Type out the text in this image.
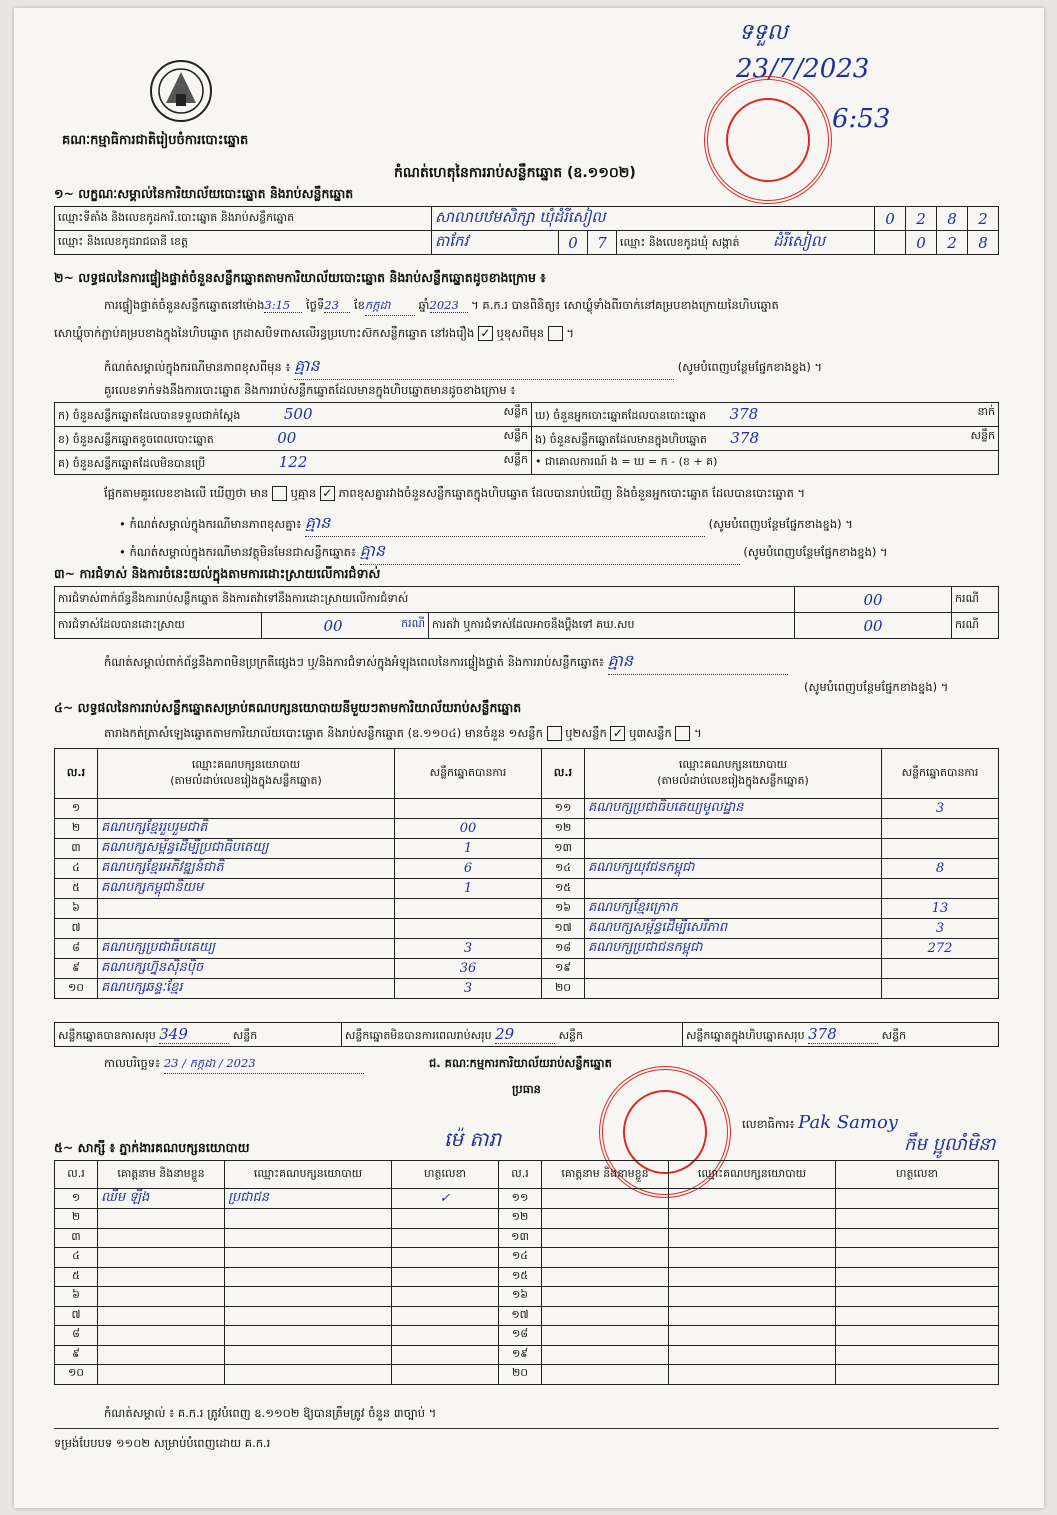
គណៈកម្មាធិការជាតិរៀបចំការបោះឆ្នោត
កំណត់ហេតុនៃការរាប់សន្លឹកឆ្នោត (ឧ.១១០២)
ទទួល
23/7/2023
6:53
១~ លក្ខណៈសម្គាល់នៃការិយាល័យបោះឆ្នោត និងរាប់សន្លឹកឆ្នោត
ឈ្មោះទីតាំង និងលេខកូដការិ.បោះឆ្នោត និងរាប់សន្លឹកឆ្នោត	សាលាបឋមសិក្សា ឃុំដំរីសៀល				0	2	8	2
ឈ្មោះ និងលេខកូដរាជធានី ខេត្ត	តាកែវ	0	7	ឈ្មោះ និងលេខកូដឃុំ សង្កាត់ ដំរីសៀល		0	2	8
២~ លទ្ធផលនៃការផ្ទៀងផ្ទាត់ចំនួនសន្លឹកឆ្នោតតាមការិយាល័យបោះឆ្នោត និងរាប់សន្លឹកឆ្នោតដូចខាងក្រោម ៖
ការផ្ទៀងផ្ទាត់ចំនួនសន្លឹកឆ្នោតនៅម៉ោង3:15 ថ្ងៃទី23 ខែកក្កដា ឆ្នាំ2023 ។ គ.ក.រ បានពិនិត្យ៖ សោឃ្លុំទាំងពីរចាក់នៅគម្របខាងក្រោយនៃហិបឆ្នោត
សោឃ្លុំចាក់ភ្ជាប់គម្របខាងក្នុងនៃហិបឆ្នោត ក្រដាសបិទពាសលើរន្ធប្រហោះស៊កសន្លឹកឆ្នោត នៅរងរឿង ✓ ឬខុសពីមុន  ។
កំណត់សម្គាល់ក្នុងករណីមានភាពខុសពីមុន ៖ គ្មាន	(សូមបំពេញបន្ថែមផ្នែកខាងខ្នង) ។
គួរលេខទាក់ទងនឹងការបោះឆ្នោត និងការរាប់សន្លឹកឆ្នោតដែលមានក្នុងហិបឆ្នោតមានដូចខាងក្រោម ៖
ក) ចំនួនសន្លឹកឆ្នោតដែលបានទទួលជាក់ស្តែង 500 សន្លឹក	ឃ) ចំនួនអ្នកបោះឆ្នោតដែលបានបោះឆ្នោត 378 នាក់

ខ) ចំនួនសន្លឹកឆ្នោតខូចពេលបោះឆ្នោត 00 សន្លឹក	ង) ចំនួនសន្លឹកឆ្នោតដែលមានក្នុងហិបឆ្នោត 378 សន្លឹក

គ) ចំនួនសន្លឹកឆ្នោតដែលមិនបានប្រើ 122 សន្លឹក	• ជាគោលការណ៍ ង = ឃ = ក - (ខ + គ)
ផ្អែកតាមគួរលេខខាងលើ ឃើញថា មាន ឬគ្មាន ✓ ភាពខុសគ្នារវាងចំនួនសន្លឹកឆ្នោតក្នុងហិបឆ្នោត ដែលបានរាប់ឃើញ និងចំនួនអ្នកបោះឆ្នោត ដែលបានបោះឆ្នោត ។
• កំណត់សម្គាល់ក្នុងករណីមានភាពខុសគ្នា៖ គ្មាន	(សូមបំពេញបន្ថែមផ្នែកខាងខ្នង) ។
• កំណត់សម្គាល់ក្នុងករណីមានវត្ថុមិនមែនជាសន្លឹកឆ្នោត៖ គ្មាន	(សូមបំពេញបន្ថែមផ្នែកខាងខ្នង) ។
៣~ ការជំទាស់ និងការចំនេះយល់ក្នុងតាមការដោះស្រាយលើការជំទាស់
ការជំទាស់ពាក់ព័ន្ធនឹងការរាប់សន្លឹកឆ្នោត និងការតវ៉ាទៅនឹងការដោះស្រាយលើការជំទាស់			00	ករណី
ការជំទាស់ដែលបានដោះស្រាយ	00 ករណី	ការតវ៉ា ឬការជំទាស់ដែលអាចនឹងប្តឹងទៅ គឃ.សប	00	ករណី
កំណត់សម្គាល់ពាក់ព័ន្ធនឹងភាពមិនប្រក្រតីផ្សេងៗ ឬ/និងការជំទាស់ក្នុងអំឡុងពេលនៃការផ្ទៀងផ្ទាត់ និងការរាប់សន្លឹកឆ្នោត៖ គ្មាន
(សូមបំពេញបន្ថែមផ្នែកខាងខ្នង) ។
៤~ លទ្ធផលនៃការរាប់សន្លឹកឆ្នោតសម្រាប់គណបក្សនយោបាយនីមួយៗតាមការិយាល័យរាប់សន្លឹកឆ្នោត
តារាងកត់ត្រាសំឡេងឆ្នោតតាមការិយាល័យបោះឆ្នោត និងរាប់សន្លឹកឆ្នោត (ឧ.១១០៤) មានចំនួន ១សន្លឹក ឬ២សន្លឹក ✓ ឬ៣សន្លឹក  ។
ល.រ	ឈ្មោះគណបក្សនយោបាយ
(តាមលំដាប់លេខរៀងក្នុងសន្លឹកឆ្នោត)	សន្លឹកឆ្នោតបានការ	ល.រ	ឈ្មោះគណបក្សនយោបាយ
(តាមលំដាប់លេខរៀងក្នុងសន្លឹកឆ្នោត)	សន្លឹកឆ្នោតបានការ
១			១១	គណបក្សប្រជាធិបតេយ្យមូលដ្ឋាន	3
២	គណបក្សខ្មែររួបរួមជាតិ	00	១២		
៣	គណបក្សសម្ព័ន្ធដើម្បីប្រជាធិបតេយ្យ	1	១៣		
៤	គណបក្សខ្មែរអភិវឌ្ឍន៍ជាតិ	6	១៤	គណបក្សយុវជនកម្ពុជា	8
៥	គណបក្សកម្ពុជានិយម	1	១៥		
៦			១៦	គណបក្សខ្មែរក្រោក	13
៧			១៧	គណបក្សសម្ព័ន្ធដើម្បីសេរីភាព	3
៨	គណបក្សប្រជាធិបតេយ្យ	3	១៨	គណបក្សប្រជាជនកម្ពុជា	272
៩	គណបក្សហ្វ៊ុនស៊ិនប៉ិច	36	១៩		
១០	គណបក្សឆន្ទៈខ្មែរ	3	២០		
សន្លឹកឆ្នោតបានការសរុប 349	សន្លឹក	សន្លឹកឆ្នោតមិនបានការពេលរាប់សរុប 29	សន្លឹក	សន្លឹកឆ្នោតក្នុងហិបឆ្នោតសរុប 378	សន្លឹក
កាលបរិច្ឆេទ៖ 23 / កក្កដា / 2023	ជ. គណៈកម្មការការិយាល័យរាប់សន្លឹកឆ្នោត
ប្រធាន
ម៉េ តារា
លេខាធិការ៖ Pak Samoy
កឹម ប្អូលាំមិនា
៥~ សាក្សី ៖ ភ្នាក់ងារគណបក្សនយោបាយ
ល.រ	គោត្តនាម និងនាមខ្លួន	ឈ្មោះគណបក្សនយោបាយ	ហត្ថលេខា	ល.រ	គោត្តនាម និងនាមខ្លួន	ឈ្មោះគណបក្សនយោបាយ	ហត្ថលេខា
១	ឈឹម ឡឹង	ប្រជាជន	✓	១១			
២				១២			
៣				១៣			
៤				១៤			
៥				១៥			
៦				១៦			
៧				១៧			
៨				១៨			
៩				១៩			
១០				២០			
កំណត់សម្គាល់ ៖ គ.ក.រ ត្រូវបំពេញ ឧ.១១០២ ឱ្យបានត្រឹមត្រូវ ចំនួន ៣ច្បាប់ ។
ទម្រង់បែបបទ ១១០២ សម្រាប់បំពេញដោយ គ.ក.រ
